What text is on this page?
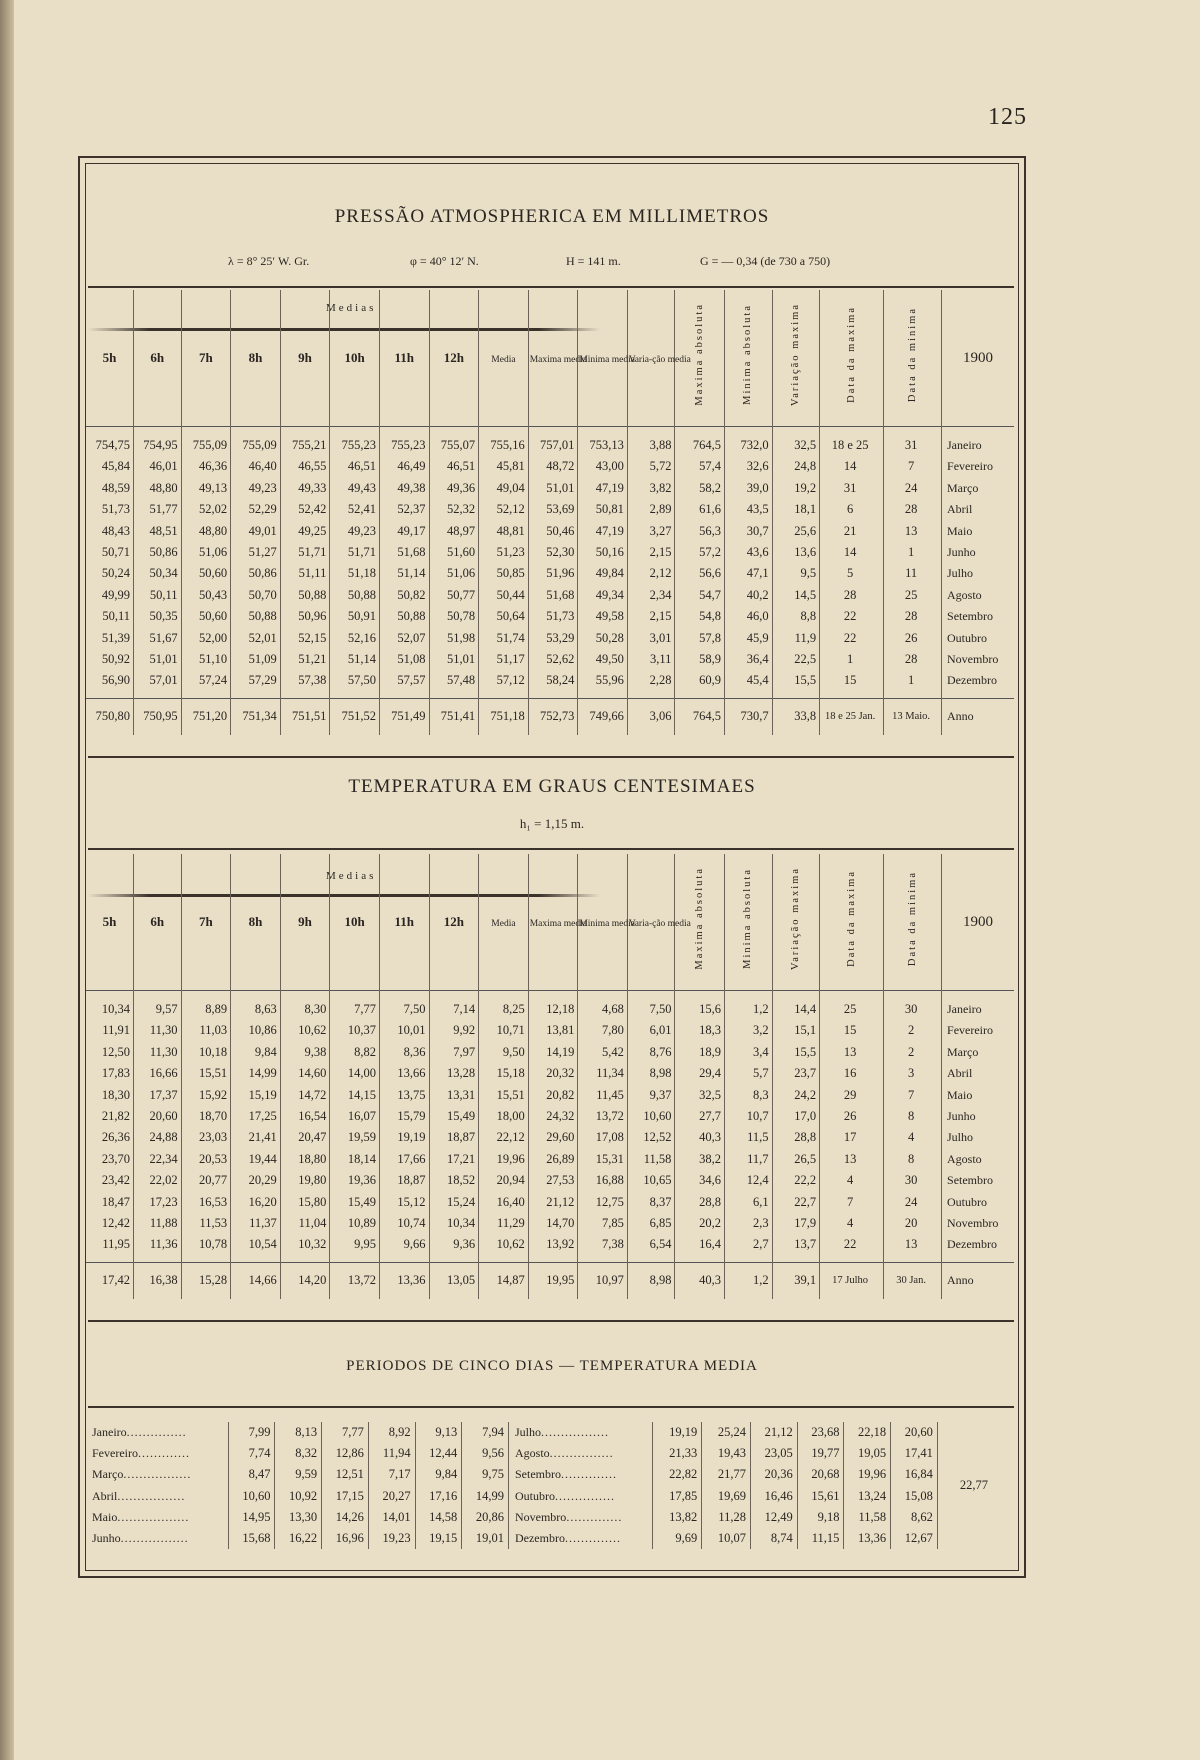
125
PRESSÃO ATMOSPHERICA EM MILLIMETROS
λ = 8° 25′ W. Gr.	φ = 40° 12′ N.	H = 141 m.	G = — 0,34 (de 730 a 750)
Medias
5h	6h	7h	8h	9h	10h	11h	12h	Media	Maxima media	Minima media	Varia-ção media	Maxima absoluta	Minima absoluta	Variação maxima	Data da maxima	Data da minima	1900
754,75	754,95	755,09	755,09	755,21	755,23	755,23	755,07	755,16	757,01	753,13	3,88	764,5	732,0	32,5	18 e 25	31	Janeiro
45,84	46,01	46,36	46,40	46,55	46,51	46,49	46,51	45,81	48,72	43,00	5,72	57,4	32,6	24,8	14	7	Fevereiro
48,59	48,80	49,13	49,23	49,33	49,43	49,38	49,36	49,04	51,01	47,19	3,82	58,2	39,0	19,2	31	24	Março
51,73	51,77	52,02	52,29	52,42	52,41	52,37	52,32	52,12	53,69	50,81	2,89	61,6	43,5	18,1	6	28	Abril
48,43	48,51	48,80	49,01	49,25	49,23	49,17	48,97	48,81	50,46	47,19	3,27	56,3	30,7	25,6	21	13	Maio
50,71	50,86	51,06	51,27	51,71	51,71	51,68	51,60	51,23	52,30	50,16	2,15	57,2	43,6	13,6	14	1	Junho
50,24	50,34	50,60	50,86	51,11	51,18	51,14	51,06	50,85	51,96	49,84	2,12	56,6	47,1	9,5	5	11	Julho
49,99	50,11	50,43	50,70	50,88	50,88	50,82	50,77	50,44	51,68	49,34	2,34	54,7	40,2	14,5	28	25	Agosto
50,11	50,35	50,60	50,88	50,96	50,91	50,88	50,78	50,64	51,73	49,58	2,15	54,8	46,0	8,8	22	28	Setembro
51,39	51,67	52,00	52,01	52,15	52,16	52,07	51,98	51,74	53,29	50,28	3,01	57,8	45,9	11,9	22	26	Outubro
50,92	51,01	51,10	51,09	51,21	51,14	51,08	51,01	51,17	52,62	49,50	3,11	58,9	36,4	22,5	1	28	Novembro
56,90	57,01	57,24	57,29	57,38	57,50	57,57	57,48	57,12	58,24	55,96	2,28	60,9	45,4	15,5	15	1	Dezembro
750,80	750,95	751,20	751,34	751,51	751,52	751,49	751,41	751,18	752,73	749,66	3,06	764,5	730,7	33,8	18 e 25 Jan.	13 Maio.	Anno
TEMPERATURA EM GRAUS CENTESIMAES
h₁ = 1,15 m.
Medias
5h	6h	7h	8h	9h	10h	11h	12h	Media	Maxima media	Minima media	Varia-ção media	Maxima absoluta	Minima absoluta	Variação maxima	Data da maxima	Data da minima	1900
10,34	9,57	8,89	8,63	8,30	7,77	7,50	7,14	8,25	12,18	4,68	7,50	15,6	1,2	14,4	25	30	Janeiro
11,91	11,30	11,03	10,86	10,62	10,37	10,01	9,92	10,71	13,81	7,80	6,01	18,3	3,2	15,1	15	2	Fevereiro
12,50	11,30	10,18	9,84	9,38	8,82	8,36	7,97	9,50	14,19	5,42	8,76	18,9	3,4	15,5	13	2	Março
17,83	16,66	15,51	14,99	14,60	14,00	13,66	13,28	15,18	20,32	11,34	8,98	29,4	5,7	23,7	16	3	Abril
18,30	17,37	15,92	15,19	14,72	14,15	13,75	13,31	15,51	20,82	11,45	9,37	32,5	8,3	24,2	29	7	Maio
21,82	20,60	18,70	17,25	16,54	16,07	15,79	15,49	18,00	24,32	13,72	10,60	27,7	10,7	17,0	26	8	Junho
26,36	24,88	23,03	21,41	20,47	19,59	19,19	18,87	22,12	29,60	17,08	12,52	40,3	11,5	28,8	17	4	Julho
23,70	22,34	20,53	19,44	18,80	18,14	17,66	17,21	19,96	26,89	15,31	11,58	38,2	11,7	26,5	13	8	Agosto
23,42	22,02	20,77	20,29	19,80	19,36	18,87	18,52	20,94	27,53	16,88	10,65	34,6	12,4	22,2	4	30	Setembro
18,47	17,23	16,53	16,20	15,80	15,49	15,12	15,24	16,40	21,12	12,75	8,37	28,8	6,1	22,7	7	24	Outubro
12,42	11,88	11,53	11,37	11,04	10,89	10,74	10,34	11,29	14,70	7,85	6,85	20,2	2,3	17,9	4	20	Novembro
11,95	11,36	10,78	10,54	10,32	9,95	9,66	9,36	10,62	13,92	7,38	6,54	16,4	2,7	13,7	22	13	Dezembro
17,42	16,38	15,28	14,66	14,20	13,72	13,36	13,05	14,87	19,95	10,97	8,98	40,3	1,2	39,1	17 Julho	30 Jan.	Anno
PERIODOS DE CINCO DIAS — TEMPERATURA MEDIA
Janeiro...............	7,99	8,13	7,77	8,92	9,13	7,94	Julho.................	19,19	25,24	21,12	23,68	22,18	20,60	22,77
Fevereiro.............	7,74	8,32	12,86	11,94	12,44	9,56	Agosto................	21,33	19,43	23,05	19,77	19,05	17,41	
Março.................	8,47	9,59	12,51	7,17	9,84	9,75	Setembro..............	22,82	21,77	20,36	20,68	19,96	16,84	
Abril.................	10,60	10,92	17,15	20,27	17,16	14,99	Outubro...............	17,85	19,69	16,46	15,61	13,24	15,08	
Maio..................	14,95	13,30	14,26	14,01	14,58	20,86	Novembro..............	13,82	11,28	12,49	9,18	11,58	8,62	
Junho.................	15,68	16,22	16,96	19,23	19,15	19,01	Dezembro..............	9,69	10,07	8,74	11,15	13,36	12,67	
